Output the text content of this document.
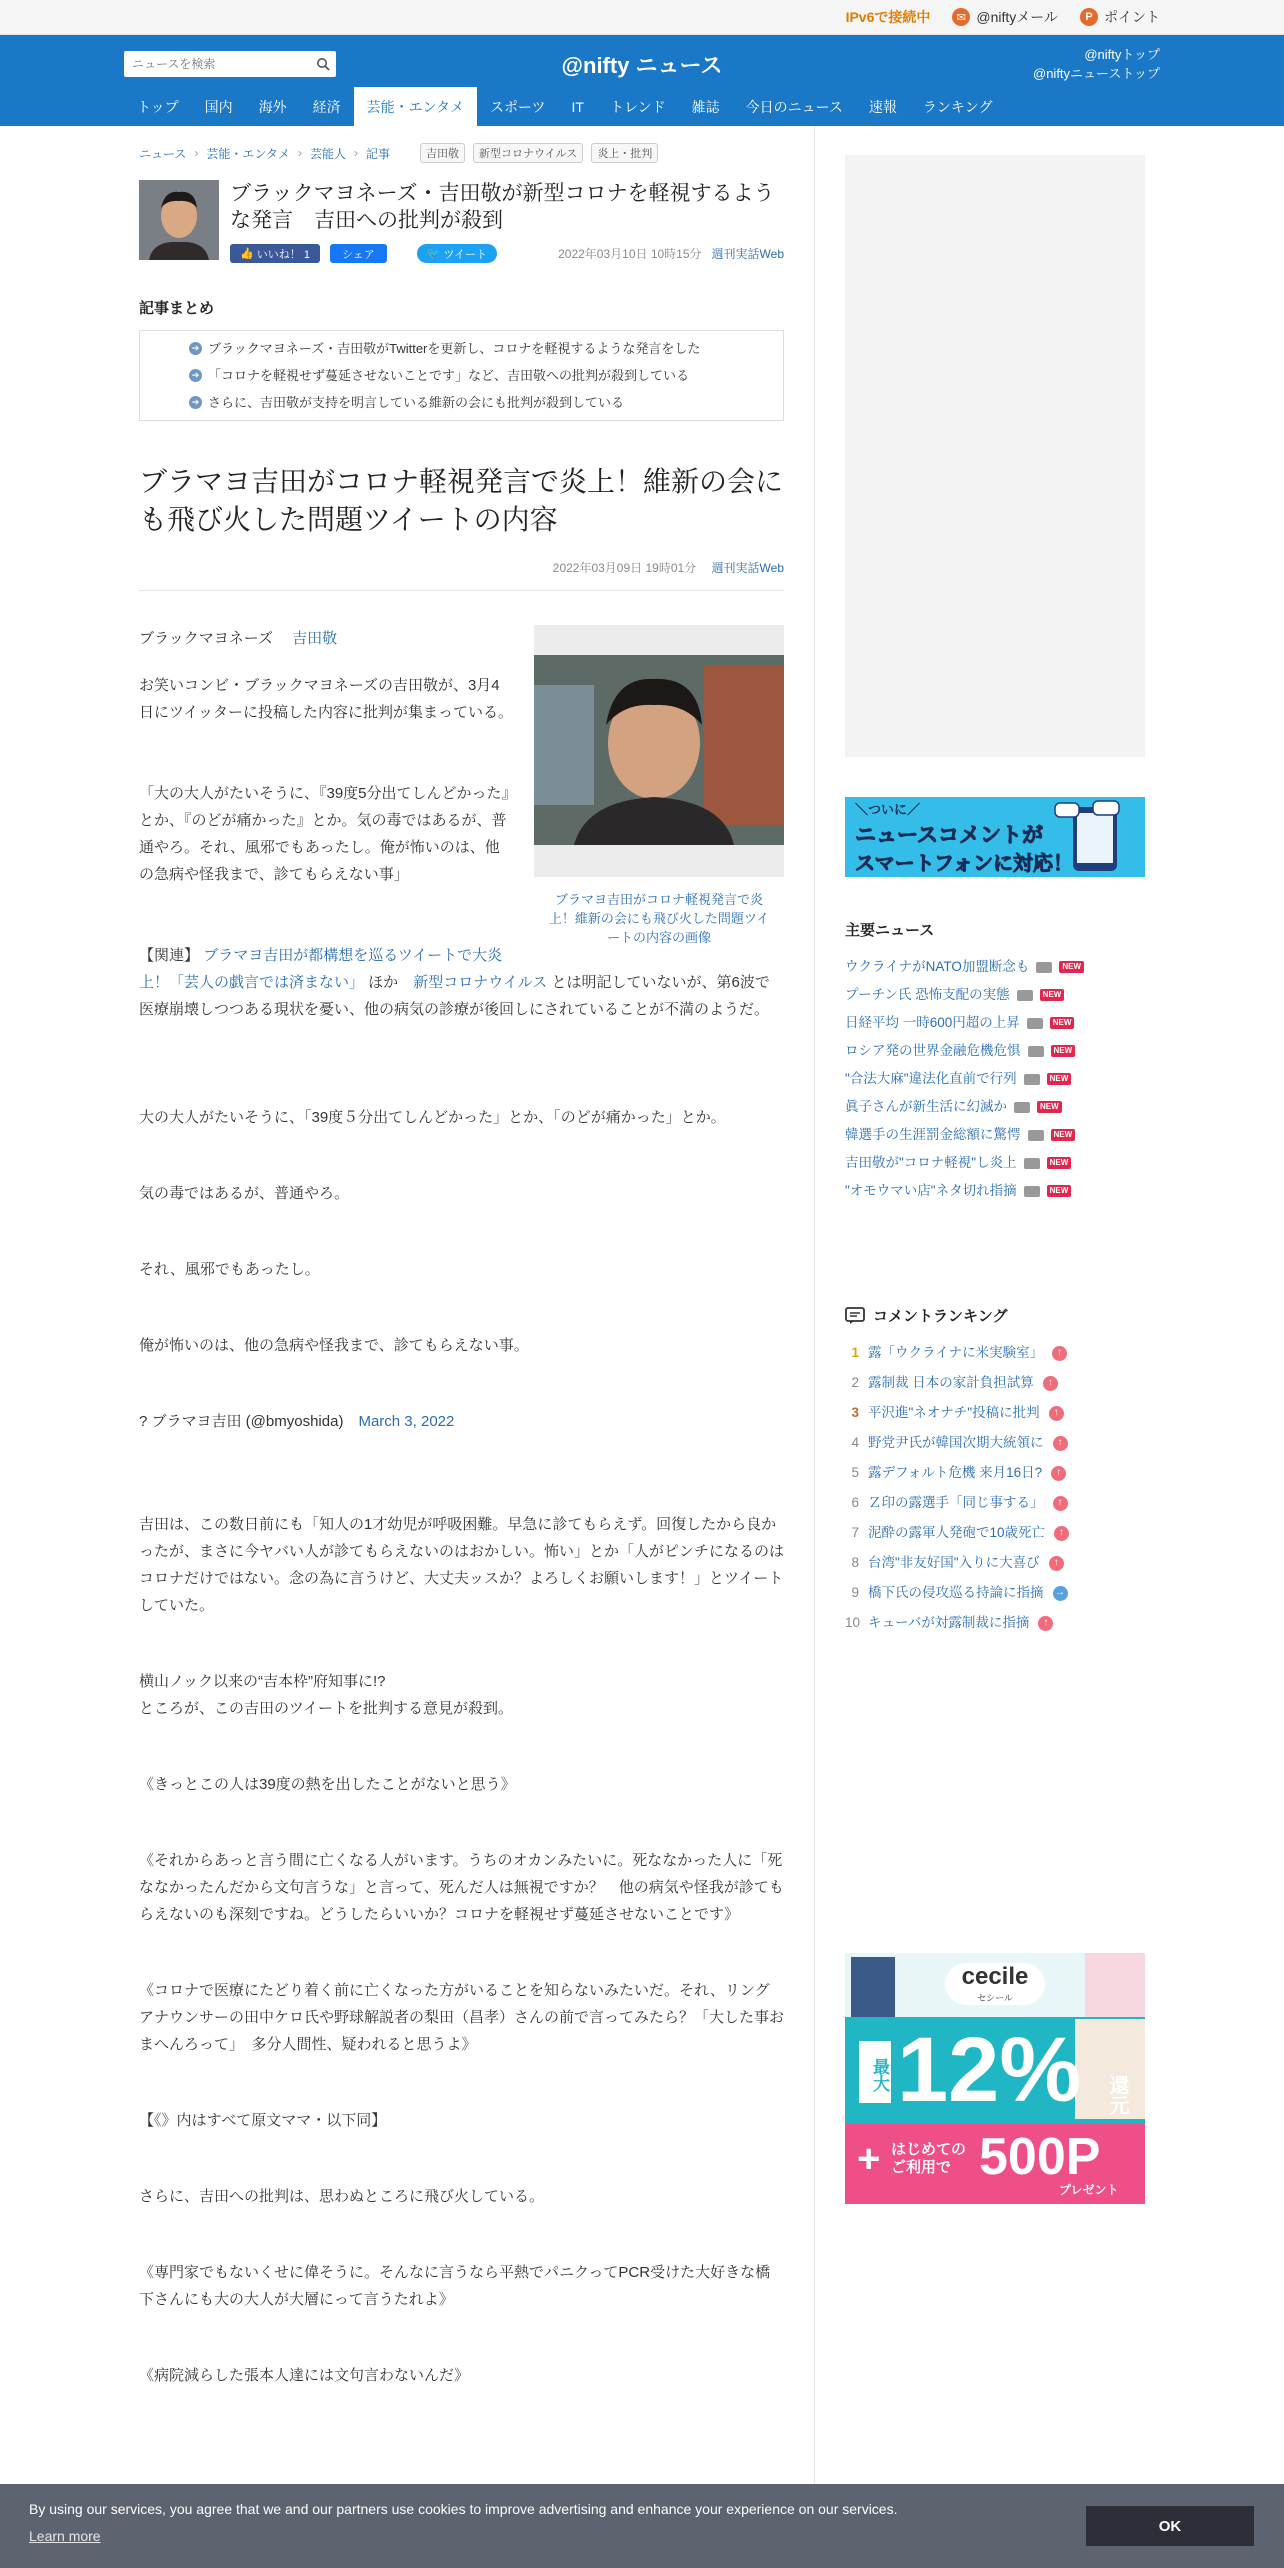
IPv6で接続中	✉ @niftyメール	P ポイント
ニュースを検索
@nifty ニュース	@niftyトップ
@niftyニューストップ
トップ	国内	海外	経済	芸能・エンタメ	スポーツ	IT	トレンド	雑誌	今日のニュース	速報	ランキング
ニュース › 芸能・エンタメ › 芸能人 › 記事	吉田敬	新型コロナウイルス	炎上・批判
ブラックマヨネーズ・吉田敬が新型コロナを軽視するような発言　吉田への批判が殺到
👍 いいね！ 1	シェア	🐦
ツイート	2022年03月10日 10時15分 週刊実話Web
記事まとめ
➔ ブラックマヨネーズ・吉田敬がTwitterを更新し、コロナを軽視するような発言をした
➔ 「コロナを軽視せず蔓延させないことです」など、吉田敬への批判が殺到している
➔ さらに、吉田敬が支持を明言している維新の会にも批判が殺到している
ブラマヨ吉田がコロナ軽視発言で炎上！維新の会にも飛び火した問題ツイートの内容
2022年03月09日 19時01分 週刊実話Web
ブラマヨ吉田がコロナ軽視発言で炎上！維新の会にも飛び火した問題ツイートの内容の画像

ブラックマヨネーズ　 吉田敬

お笑いコンビ・ブラックマヨネーズの吉田敬が、3月4日にツイッターに投稿した内容に批判が集まっている。

「大の大人がたいそうに、『39度5分出てしんどかった』とか、『のどが痛かった』とか。気の毒ではあるが、普通やろ。それ、風邪でもあったし。俺が怖いのは、他の急病や怪我まで、診てもらえない事」

【関連】 ブラマヨ吉田が都構想を巡るツイートで大炎上！「芸人の戯言では済まない」 ほか　 新型コロナウイルス とは明記していないが、第6波で医療崩壊しつつある現状を憂い、他の病気の診療が後回しにされていることが不満のようだ。

大の大人がたいそうに、「39度５分出てしんどかった」とか、「のどが痛かった」とか。

気の毒ではあるが、普通やろ。

それ、風邪でもあったし。

俺が怖いのは、他の急病や怪我まで、診てもらえない事。

? ブラマヨ吉田 (@bmyoshida)　 March 3, 2022

吉田は、この数日前にも「知人の1才幼児が呼吸困難。早急に診てもらえず。回復したから良かったが、まさに今ヤバい人が診てもらえないのはおかしい。怖い」とか「人がピンチになるのはコロナだけではない。念の為に言うけど、大丈夫ッスか？よろしくお願いします！」とツイートしていた。

横山ノック以来の“吉本枠”府知事に!?

ところが、この吉田のツイートを批判する意見が殺到。

《きっとこの人は39度の熱を出したことがないと思う》

《それからあっと言う間に亡くなる人がいます。うちのオカンみたいに。死ななかった人に「死ななかったんだから文句言うな」と言って、死んだ人は無視ですか？　他の病気や怪我が診てもらえないのも深刻ですね。どうしたらいいか？コロナを軽視せず蔓延させないことです》

《コロナで医療にたどり着く前に亡くなった方がいることを知らないみたいだ。それ、リングアナウンサーの田中ケロ氏や野球解説者の梨田（昌孝）さんの前で言ってみたら？「大した事おまへんろって」　多分人間性、疑われると思うよ》

【《》内はすべて原文ママ・以下同】

さらに、吉田への批判は、思わぬところに飛び火している。

《専門家でもないくせに偉そうに。そんなに言うなら平熱でパニクってPCR受けた大好きな橋下さんにも大の大人が大層にって言うたれよ》

《病院減らした張本人達には文句言わないんだ》

＼ついに／
ニュースコメントが
スマートフォンに対応！
主要ニュース
ウクライナがNATO加盟断念も	NEW
プーチン氏 恐怖支配の実態	NEW
日経平均 一時600円超の上昇	NEW
ロシア発の世界金融危機危惧	NEW
"合法大麻"違法化直前で行列	NEW
眞子さんが新生活に幻滅か	NEW
韓選手の生涯罰金総額に驚愕	NEW
吉田敬が"コロナ軽視"し炎上	NEW
"オモウマい店"ネタ切れ指摘	NEW
コメントランキング
1 露「ウクライナに米実験室」	↑
2 露制裁 日本の家計負担試算	↑
3 平沢進"ネオナチ"投稿に批判	↑
4 野党尹氏が韓国次期大統領に	↑
5 露デフォルト危機 来月16日?	↑
6 Ｚ印の露選手「同じ事する」	↑
7 泥酔の露軍人発砲で10歳死亡	↑
8 台湾"非友好国"入りに大喜び	↑
9 橋下氏の侵攻巡る持論に指摘 →
10 キューバが対露制裁に指摘	↑
cecile
セシール
最大 12% 還元
+ はじめての
ご利用で 500P
プレゼント
By using our services, you agree that we and our partners use cookies to improve advertising and enhance your experience on our services.
Learn more
OK
